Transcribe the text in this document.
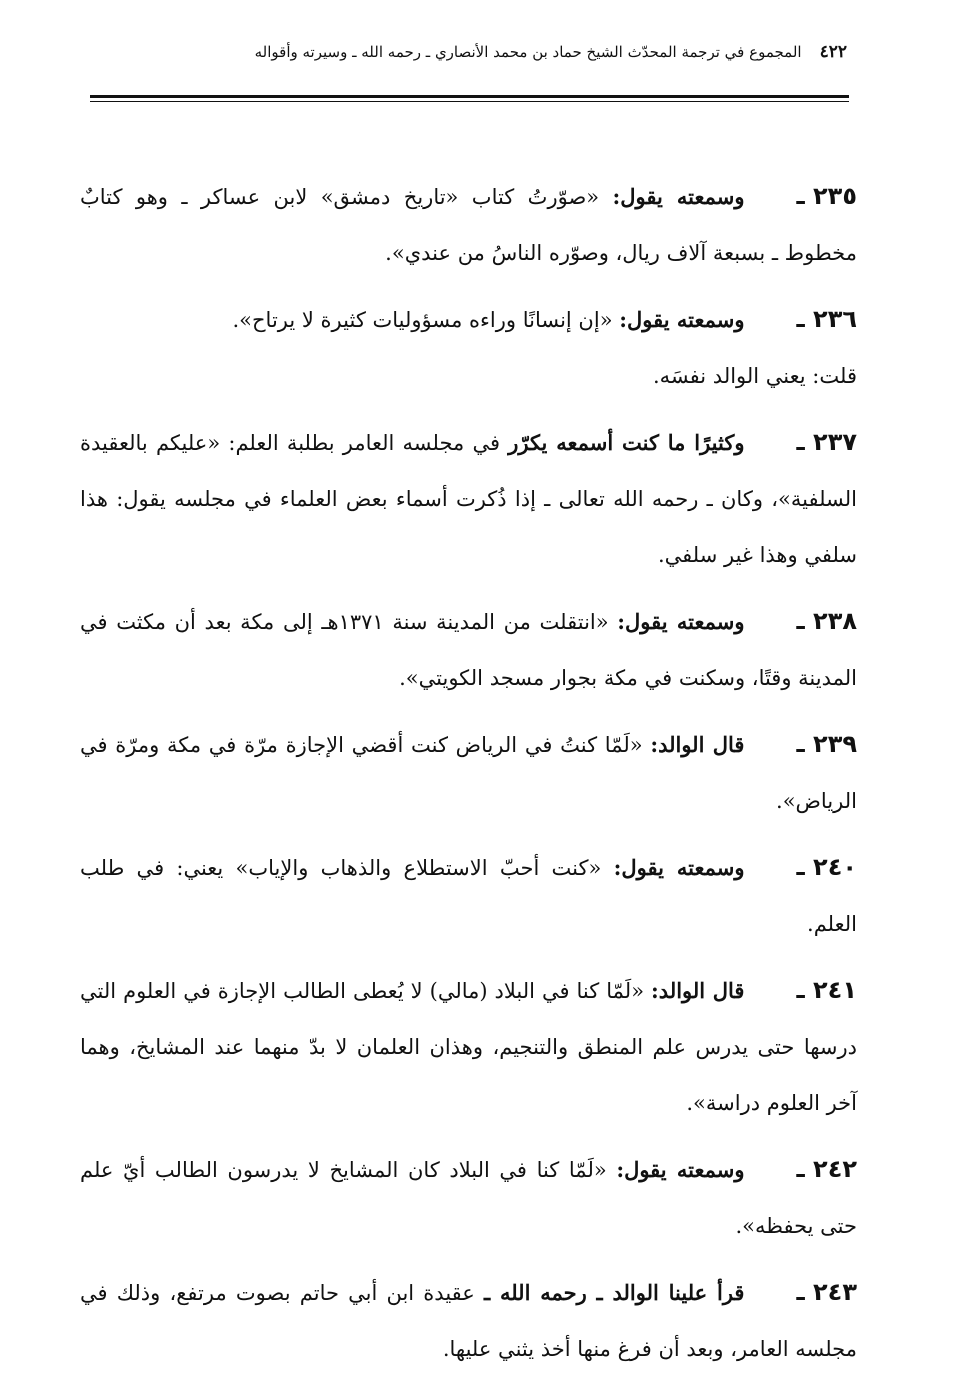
٤٢٢
المجموع في ترجمة المحدّث الشيخ حماد بن محمد الأنصاري ـ رحمه الله ـ وسيرته وأقواله

٢٣٥ ـوسمعته يقول: «صوّرتُ كتاب «تاريخ دمشق» لابن عساكر ـ وهو كتابٌ مخطوط ـ بسبعة آلاف ريال، وصوّره الناسُ من عندي».

٢٣٦ ـوسمعته يقول: «إن إنسانًا وراءه مسؤوليات كثيرة لا يرتاح».

قلت: يعني الوالد نفسَه.

٢٣٧ ـوكثيرًا ما كنت أسمعه يكرّر في مجلسه العامر بطلبة العلم: «عليكم بالعقيدة السلفية»، وكان ـ رحمه الله تعالى ـ إذا ذُكرت أسماء بعض العلماء في مجلسه يقول: هذا سلفي وهذا غير سلفي.

٢٣٨ ـوسمعته يقول: «انتقلت من المدينة سنة ١٣٧١هـ إلى مكة بعد أن مكثت في المدينة وقتًا، وسكنت في مكة بجوار مسجد الكويتي».

٢٣٩ ـقال الوالد: «لَمّا كنتُ في الرياض كنت أقضي الإجازة مرّة في مكة ومرّة في الرياض».

٢٤٠ ـوسمعته يقول: «كنت أحبّ الاستطلاع والذهاب والإياب» يعني: في طلب العلم.

٢٤١ ـقال الوالد: «لَمّا كنا في البلاد (مالي) لا يُعطى الطالب الإجازة في العلوم التي درسها حتى يدرس علم المنطق والتنجيم، وهذان العلمان لا بدّ منهما عند المشايخ، وهما آخر العلوم دراسة».

٢٤٢ ـوسمعته يقول: «لَمّا كنا في البلاد كان المشايخ لا يدرسون الطالب أيّ علم حتى يحفظه».

٢٤٣ ـقرأ علينا الوالد ـ رحمه الله ـ عقيدة ابن أبي حاتم بصوت مرتفع، وذلك في مجلسه العامر، وبعد أن فرغ منها أخذ يثني عليها.
